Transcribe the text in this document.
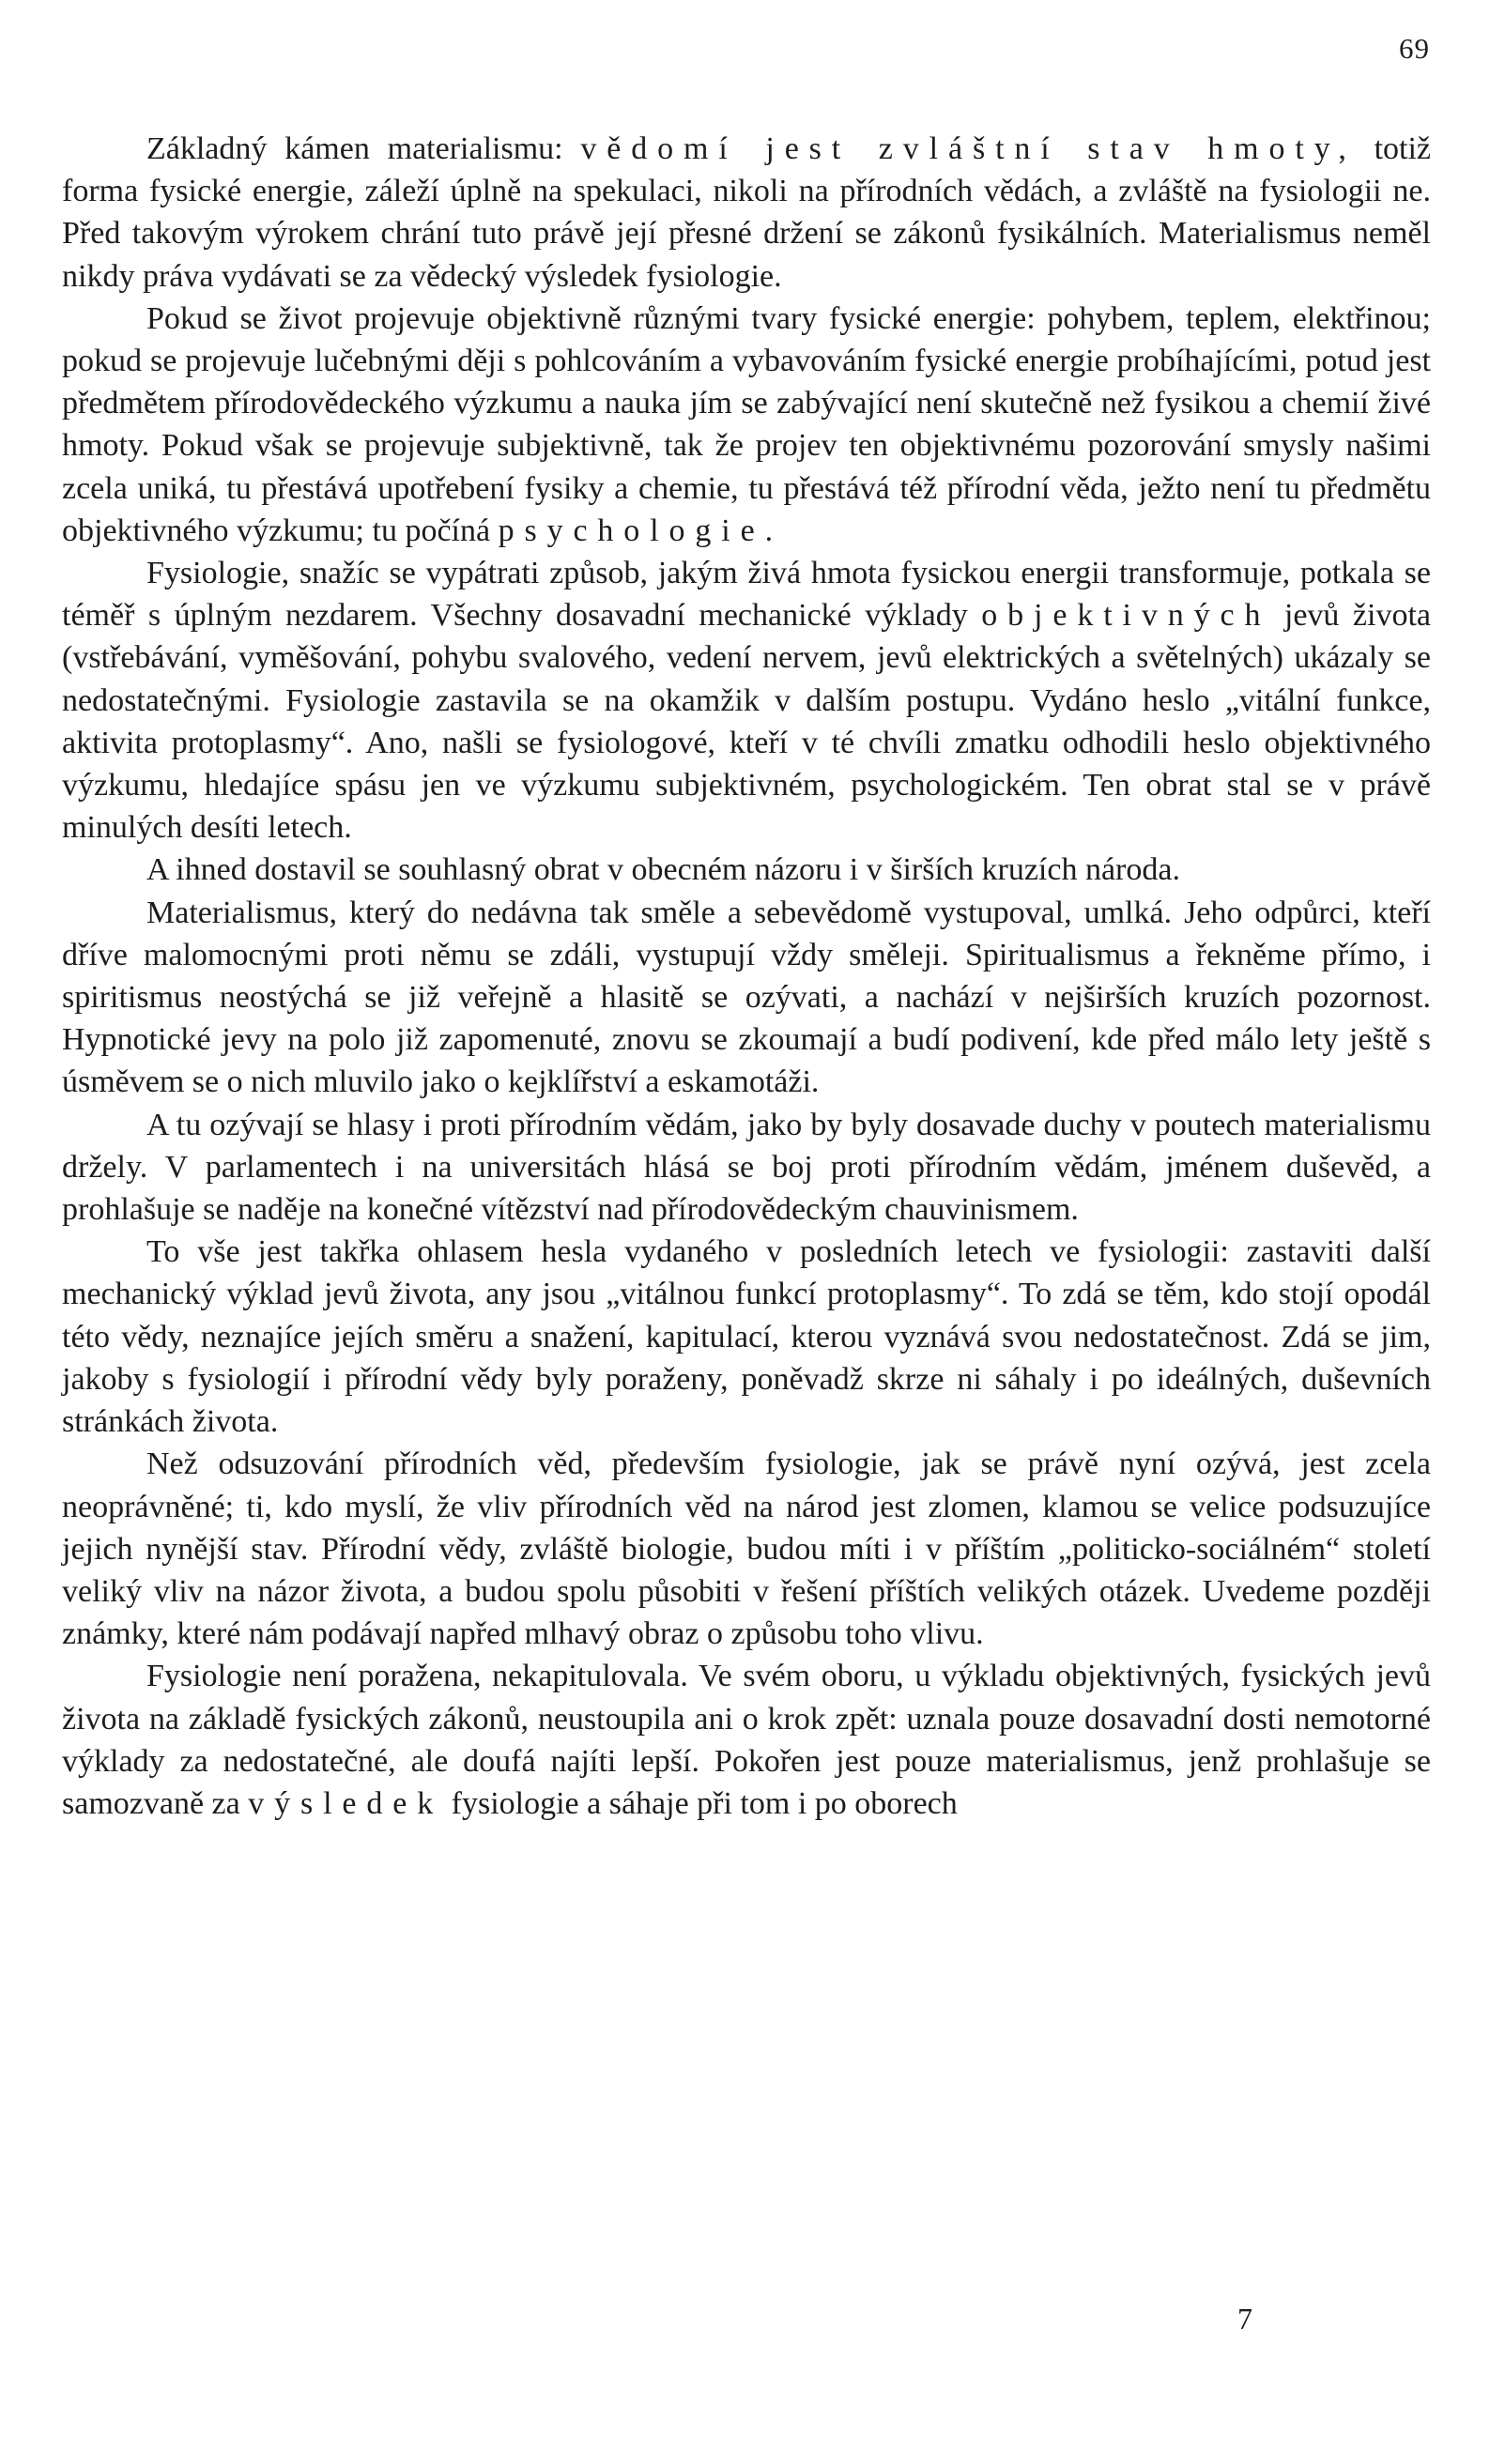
69

Základný kámen materialismu: vědomí jest zvláštní stav hmoty, totiž forma fysické energie, záleží úplně na spekulaci, nikoli na přírodních vědách, a zvláště na fysiologii ne. Před takovým výrokem chrání tuto právě její přesné držení se zákonů fysikálních. Materialismus neměl nikdy práva vydávati se za vědecký výsledek fysiologie.

Pokud se život projevuje objektivně různými tvary fysické energie: pohybem, teplem, elektřinou; pokud se projevuje lučebnými ději s pohlcováním a vybavováním fysické energie probíhajícími, potud jest předmětem přírodovědeckého výzkumu a nauka jím se zabývající není skutečně než fysikou a chemií živé hmoty. Pokud však se projevuje subjektivně, tak že projev ten objektivnému pozorování smysly našimi zcela uniká, tu přestává upotřebení fysiky a chemie, tu přestává též přírodní věda, ježto není tu předmětu objektivného výzkumu; tu počíná psychologie.

Fysiologie, snažíc se vypátrati způsob, jakým živá hmota fysickou energii transformuje, potkala se téměř s úplným nezdarem. Všechny dosavadní mechanické výklady objektivných jevů života (vstřebávání, vyměšování, pohybu svalového, vedení nervem, jevů elektrických a světelných) ukázaly se nedostatečnými. Fysiologie zastavila se na okamžik v dalším postupu. Vydáno heslo „vitální funkce, aktivita protoplasmy“. Ano, našli se fysiologové, kteří v té chvíli zmatku odhodili heslo objektivného výzkumu, hledajíce spásu jen ve výzkumu subjektivném, psychologickém. Ten obrat stal se v právě minulých desíti letech.

A ihned dostavil se souhlasný obrat v obecném názoru i v širších kruzích národa.

Materialismus, který do nedávna tak směle a sebevědomě vystupoval, umlká. Jeho odpůrci, kteří dříve malomocnými proti němu se zdáli, vystupují vždy směleji. Spiritualismus a řekněme přímo, i spiritismus neostýchá se již veřejně a hlasitě se ozývati, a nachází v nejširších kruzích pozornost. Hypnotické jevy na polo již zapomenuté, znovu se zkoumají a budí podivení, kde před málo lety ještě s úsměvem se o nich mluvilo jako o kejklířství a eskamotáži.

A tu ozývají se hlasy i proti přírodním vědám, jako by byly dosavade duchy v poutech materialismu držely. V parlamentech i na universitách hlásá se boj proti přírodním vědám, jménem duševěd, a prohlašuje se naděje na konečné vítězství nad přírodovědeckým chauvinismem.

To vše jest takřka ohlasem hesla vydaného v posledních letech ve fysiologii: zastaviti další mechanický výklad jevů života, any jsou „vitálnou funkcí protoplasmy“. To zdá se těm, kdo stojí opodál této vědy, neznajíce jejích směru a snažení, kapitulací, kterou vyznává svou nedostatečnost. Zdá se jim, jakoby s fysiologií i přírodní vědy byly poraženy, poněvadž skrze ni sáhaly i po ideálných, duševních stránkách života.

Než odsuzování přírodních věd, především fysiologie, jak se právě nyní ozývá, jest zcela neoprávněné; ti, kdo myslí, že vliv přírodních věd na národ jest zlomen, klamou se velice podsuzujíce jejich nynější stav. Přírodní vědy, zvláště biologie, budou míti i v příštím „politicko-sociálném“ století veliký vliv na názor života, a budou spolu působiti v řešení příštích velikých otázek. Uvedeme později známky, které nám podávají napřed mlhavý obraz o způsobu toho vlivu.

Fysiologie není poražena, nekapitulovala. Ve svém oboru, u výkladu objektivných, fysických jevů života na základě fysických zákonů, neustoupila ani o krok zpět: uznala pouze dosavadní dosti nemotorné výklady za nedostatečné, ale doufá najíti lepší. Pokořen jest pouze materialismus, jenž prohlašuje se samozvaně za výsledek fysiologie a sáhaje při tom i po oborech

7
